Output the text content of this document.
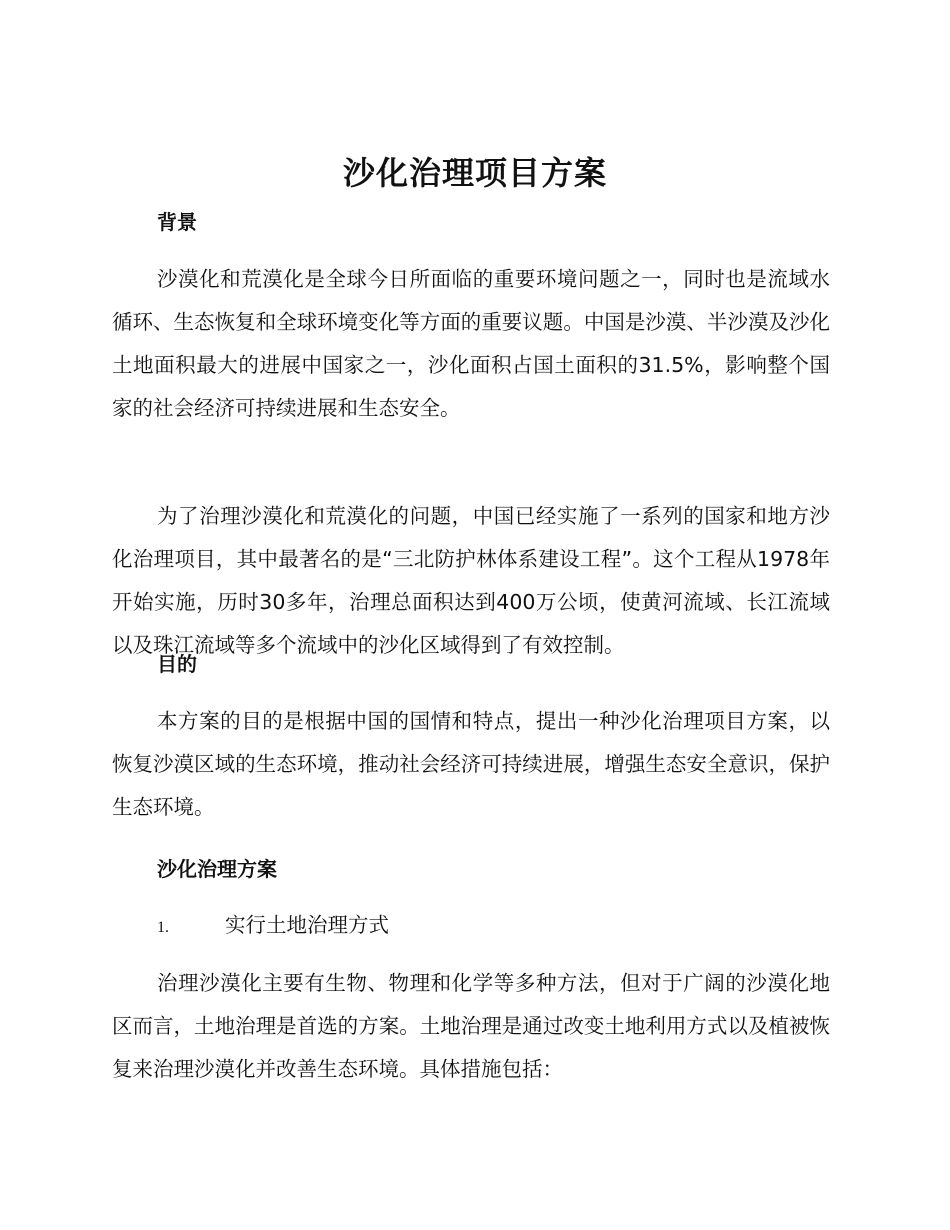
沙化治理项目方案
背景

沙漠化和荒漠化是全球今日所面临的重要环境问题之一，同时也是流域水循环、生态恢复和全球环境变化等方面的重要议题。中国是沙漠、半沙漠及沙化土地面积最大的进展中国家之一，沙化面积占国土面积的31.5%，影响整个国家的社会经济可持续进展和生态安全。

为了治理沙漠化和荒漠化的问题，中国已经实施了一系列的国家和地方沙化治理项目，其中最著名的是“三北防护林体系建设工程”。这个工程从1978年开始实施，历时30多年，治理总面积达到400万公顷，使黄河流域、长江流域以及珠江流域等多个流域中的沙化区域得到了有效控制。

目的

本方案的目的是根据中国的国情和特点，提出一种沙化治理项目方案，以恢复沙漠区域的生态环境，推动社会经济可持续进展，增强生态安全意识，保护生态环境。

沙化治理方案
1.	实行土地治理方式

治理沙漠化主要有生物、物理和化学等多种方法，但对于广阔的沙漠化地区而言，土地治理是首选的方案。土地治理是通过改变土地利用方式以及植被恢复来治理沙漠化并改善生态环境。具体措施包括：
